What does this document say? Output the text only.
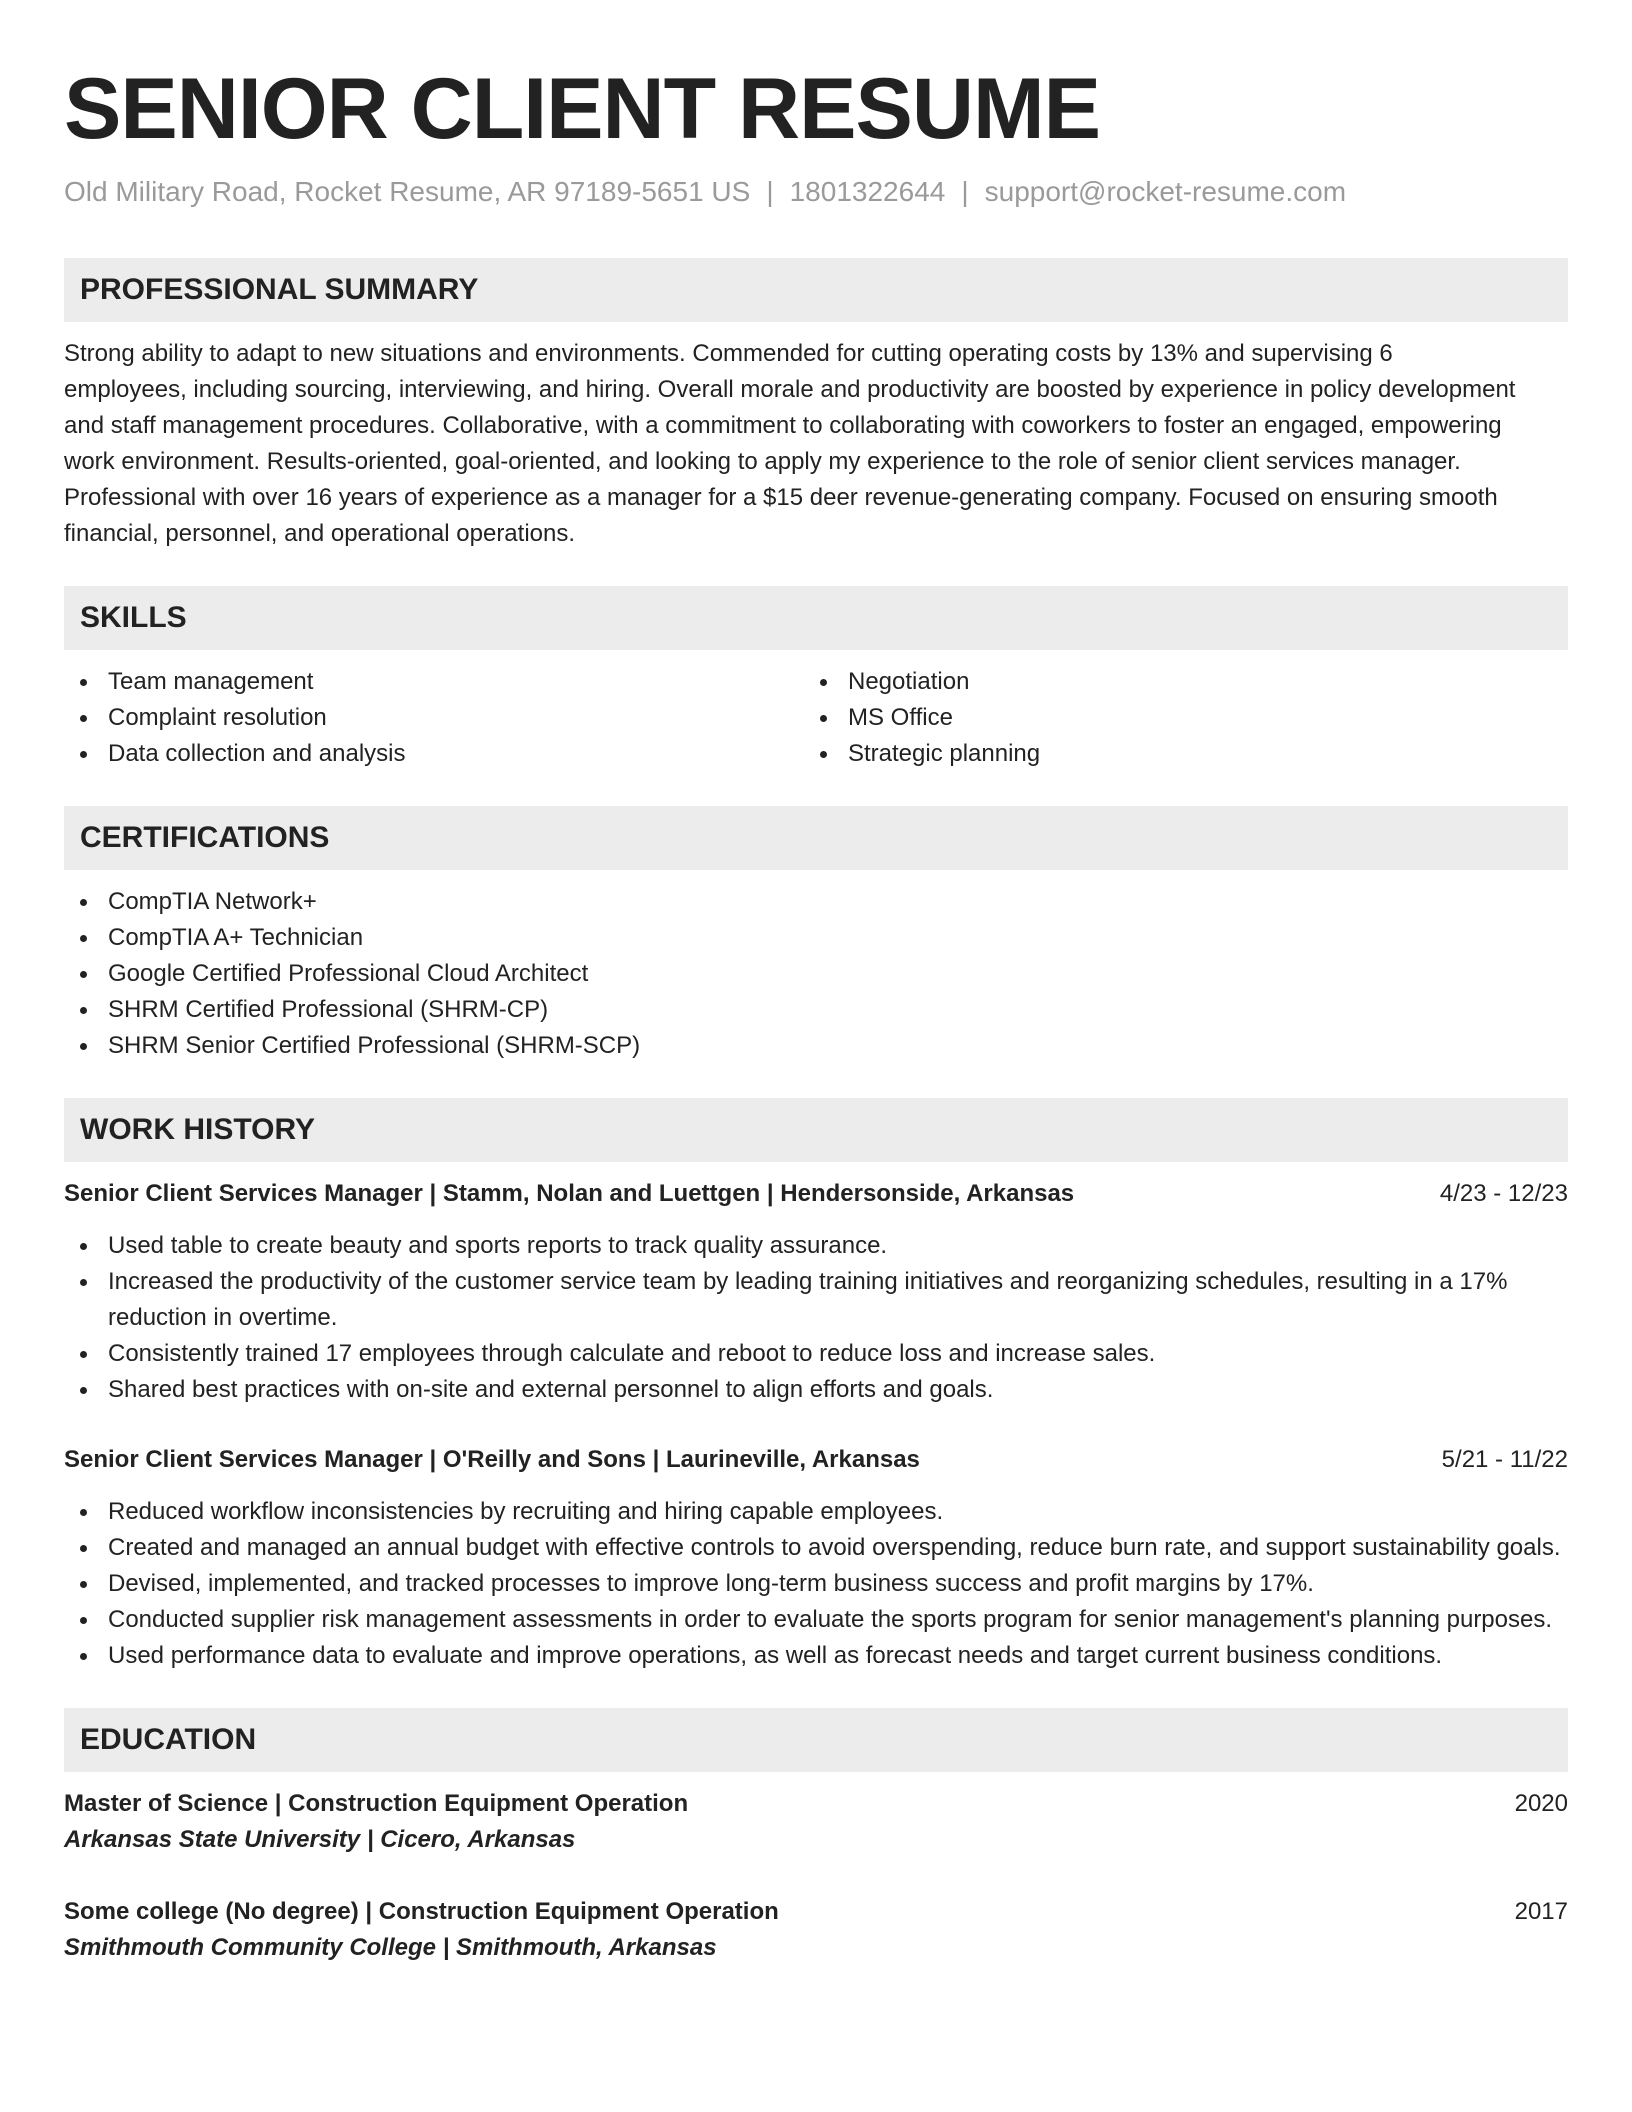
SENIOR CLIENT RESUME
Old Military Road, Rocket Resume, AR 97189-5651 US | 1801322644 | support@rocket-resume.com
PROFESSIONAL SUMMARY
Strong ability to adapt to new situations and environments. Commended for cutting operating costs by 13% and supervising 6
employees, including sourcing, interviewing, and hiring. Overall morale and productivity are boosted by experience in policy development
and staff management procedures. Collaborative, with a commitment to collaborating with coworkers to foster an engaged, empowering
work environment. Results-oriented, goal-oriented, and looking to apply my experience to the role of senior client services manager.
Professional with over 16 years of experience as a manager for a $15 deer revenue-generating company. Focused on ensuring smooth
financial, personnel, and operational operations.
SKILLS
Team management
Complaint resolution
Data collection and analysis
Negotiation
MS Office
Strategic planning
CERTIFICATIONS
CompTIA Network+
CompTIA A+ Technician
Google Certified Professional Cloud Architect
SHRM Certified Professional (SHRM-CP)
SHRM Senior Certified Professional (SHRM-SCP)
WORK HISTORY
Senior Client Services Manager | Stamm, Nolan and Luettgen | Hendersonside, Arkansas	4/23 - 12/23
Used table to create beauty and sports reports to track quality assurance.
Increased the productivity of the customer service team by leading training initiatives and reorganizing schedules, resulting in a 17% reduction in overtime.
Consistently trained 17 employees through calculate and reboot to reduce loss and increase sales.
Shared best practices with on-site and external personnel to align efforts and goals.
Senior Client Services Manager | O'Reilly and Sons | Laurineville, Arkansas	5/21 - 11/22
Reduced workflow inconsistencies by recruiting and hiring capable employees.
Created and managed an annual budget with effective controls to avoid overspending, reduce burn rate, and support sustainability goals.
Devised, implemented, and tracked processes to improve long-term business success and profit margins by 17%.
Conducted supplier risk management assessments in order to evaluate the sports program for senior management's planning purposes.
Used performance data to evaluate and improve operations, as well as forecast needs and target current business conditions.
EDUCATION
Master of Science | Construction Equipment Operation	2020
Arkansas State University | Cicero, Arkansas
Some college (No degree) | Construction Equipment Operation	2017
Smithmouth Community College | Smithmouth, Arkansas
